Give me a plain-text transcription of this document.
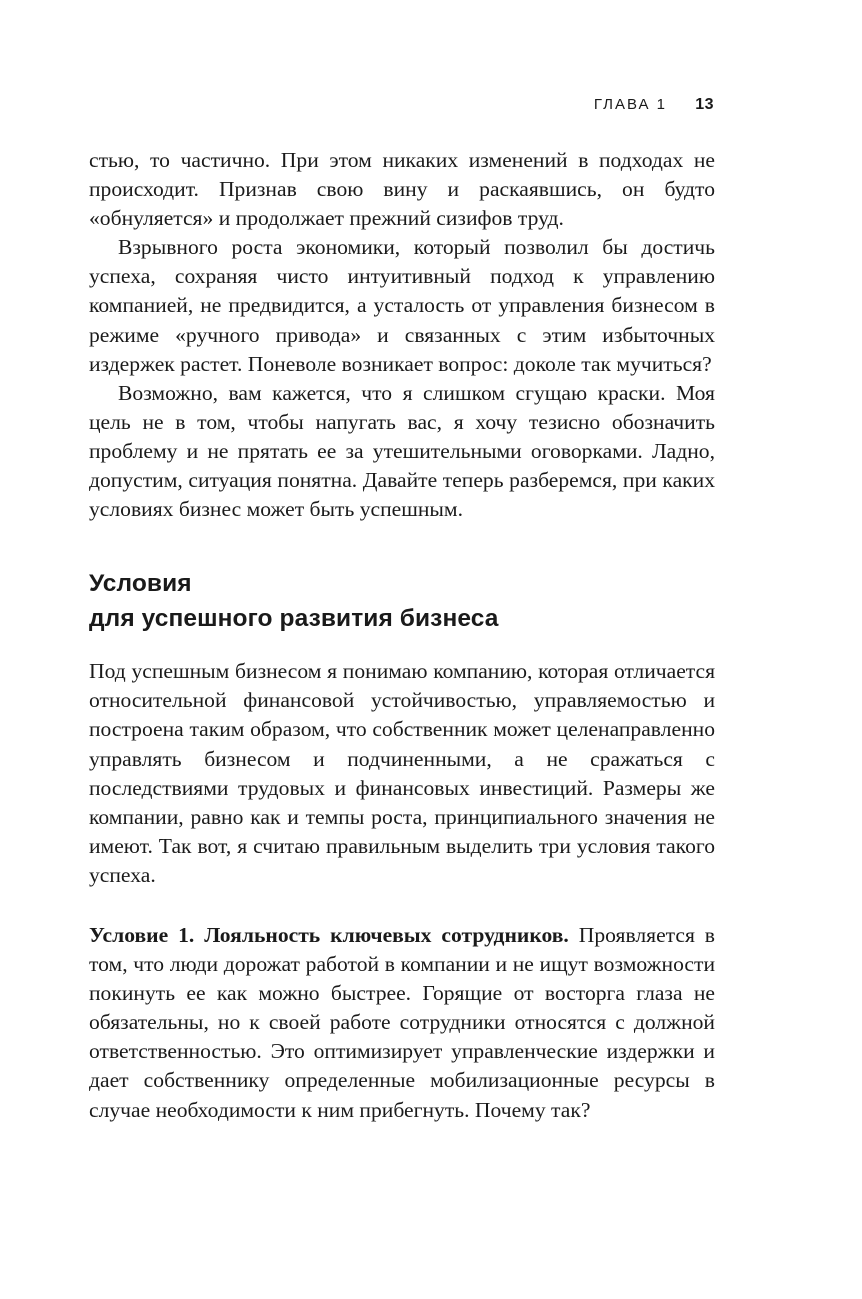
ГЛАВА 1 13

стью, то частично. При этом никаких изменений в подходах не происходит. Признав свою вину и раскаявшись, он будто «обнуляется» и продолжает прежний сизифов труд.

Взрывного роста экономики, который позволил бы достичь успеха, сохраняя чисто интуитивный подход к управлению компанией, не предвидится, а усталость от управления бизнесом в режиме «ручного привода» и связанных с этим избыточных издержек растет. Поневоле возникает вопрос: доколе так мучиться?

Возможно, вам кажется, что я слишком сгущаю краски. Моя цель не в том, чтобы напугать вас, я хочу тезисно обозначить проблему и не прятать ее за утешительными оговорками. Ладно, допустим, ситуация понятна. Давайте теперь разберемся, при каких условиях бизнес может быть успешным.

Условия
для успешного развития бизнеса

Под успешным бизнесом я понимаю компанию, которая отличается относительной финансовой устойчивостью, управляемостью и построена таким образом, что собственник может целенаправленно управлять бизнесом и подчиненными, а не сражаться с последствиями трудовых и финансовых инвестиций. Размеры же компании, равно как и темпы роста, принципиального значения не имеют. Так вот, я считаю правильным выделить три условия такого успеха.

Условие 1. Лояльность ключевых сотрудников. Проявляется в том, что люди дорожат работой в компании и не ищут возможности покинуть ее как можно быстрее. Горящие от восторга глаза не обязательны, но к своей работе сотрудники относятся с должной ответственностью. Это оптимизирует управленческие издержки и дает собственнику определенные мобилизационные ресурсы в случае необходимости к ним прибегнуть. Почему так?
